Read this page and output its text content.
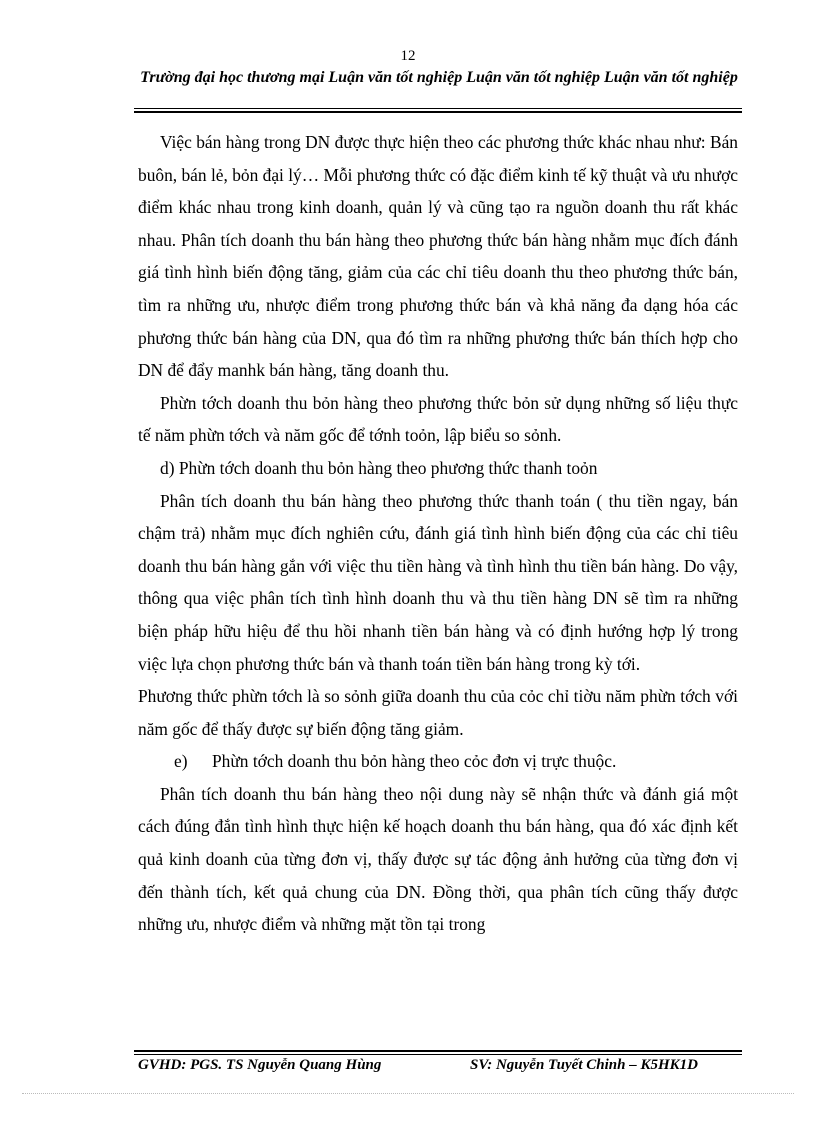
12
Trường đại học thương mại Luận văn tốt nghiệp Luận văn tốt nghiệp Luận văn tốt nghiệp

Việc bán hàng trong DN được thực hiện theo các phương thức khác nhau như: Bán buôn, bán lẻ, bỏn đại lý… Mỗi phương thức có đặc điểm kinh tế kỹ thuật và ưu nhược điểm khác nhau trong kinh doanh, quản lý và cũng tạo ra nguồn doanh thu rất khác nhau. Phân tích doanh thu bán hàng theo phương thức bán hàng nhằm mục đích đánh giá tình hình biến động tăng, giảm của các chỉ tiêu doanh thu theo phương thức bán, tìm ra những ưu, nhược điểm trong phương thức bán và khả năng đa dạng hóa các phương thức bán hàng của DN, qua đó tìm ra những phương thức bán thích hợp cho DN để đẩy manhk bán hàng, tăng doanh thu.

Phừn tớch doanh thu bỏn hàng theo phương thức bỏn sử dụng những số liệu thực tế năm phừn tớch và năm gốc để tớnh toỏn, lập biểu so sỏnh.

d) Phừn tớch doanh thu bỏn hàng theo phương thức thanh toỏn

Phân tích doanh thu bán hàng theo phương thức thanh toán ( thu tiền ngay, bán chậm trả) nhằm mục đích nghiên cứu, đánh giá tình hình biến động của các chỉ tiêu doanh thu bán hàng gắn với việc thu tiền hàng và tình hình thu tiền bán hàng. Do vậy, thông qua việc phân tích tình hình doanh thu và thu tiền hàng DN sẽ tìm ra những biện pháp hữu hiệu để thu hồi nhanh tiền bán hàng và có định hướng hợp lý trong việc lựa chọn phương thức bán và thanh toán tiền bán hàng trong kỳ tới.

Phương thức phừn tớch là so sỏnh giữa doanh thu của cỏc chỉ tiờu năm phừn tớch với năm gốc để thấy được sự biến động tăng giảm.

e) Phừn tớch doanh thu bỏn hàng theo cỏc đơn vị trực thuộc.

Phân tích doanh thu bán hàng theo nội dung này sẽ nhận thức và đánh giá một cách đúng đắn tình hình thực hiện kế hoạch doanh thu bán hàng, qua đó xác định kết quả kinh doanh của từng đơn vị, thấy được sự tác động ảnh hưởng của từng đơn vị đến thành tích, kết quả chung của DN. Đồng thời, qua phân tích cũng thấy được những ưu, nhược điểm và những mặt tồn tại trong

GVHD: PGS. TS Nguyễn Quang Hùng	SV: Nguyễn Tuyết Chinh – K5HK1D
